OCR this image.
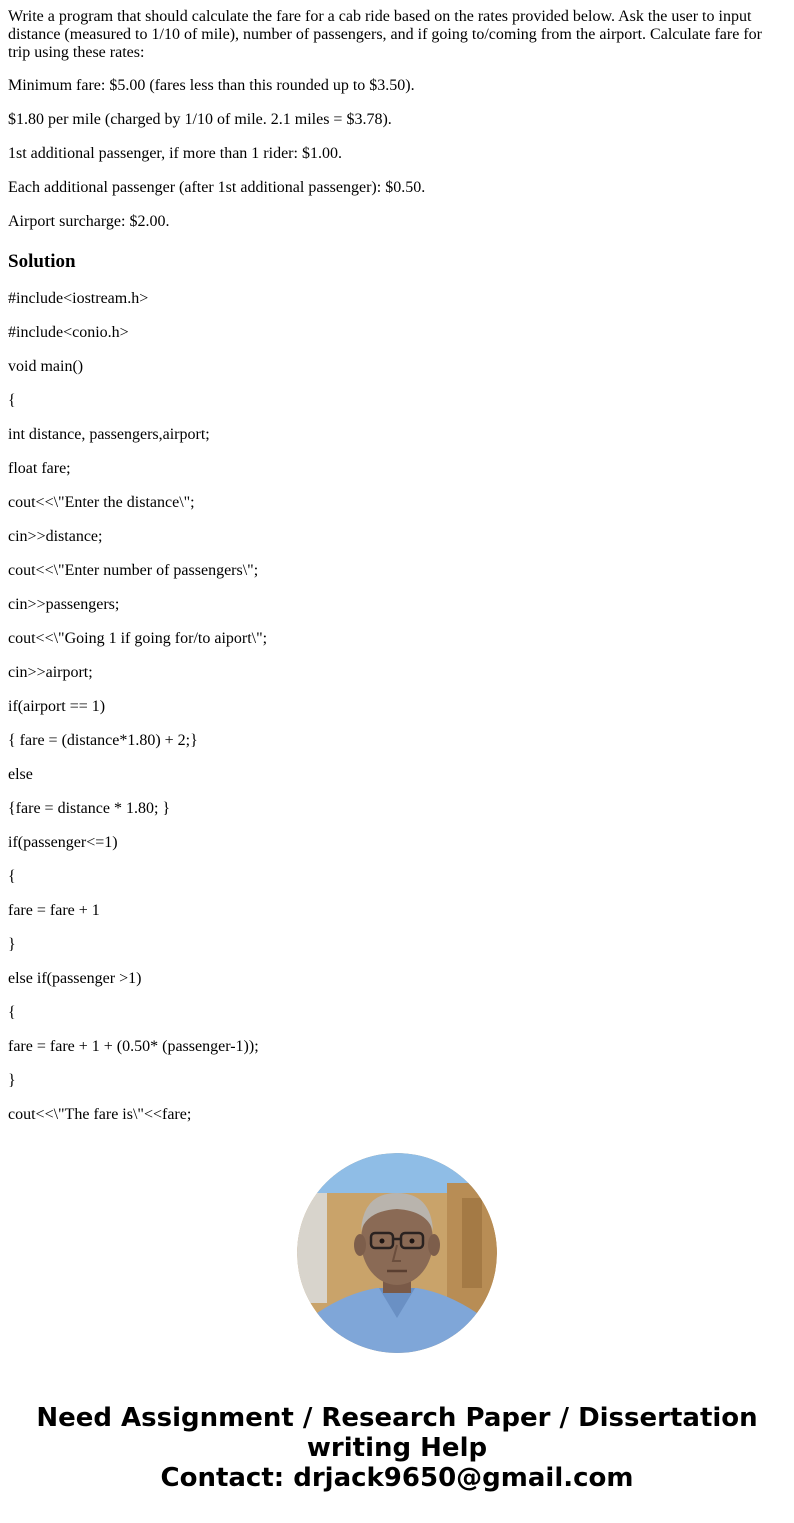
Write a program that should calculate the fare for a cab ride based on the rates provided below. Ask the user to input distance (measured to 1/10 of mile), number of passengers, and if going to/coming from the airport. Calculate fare for trip using these rates:

Minimum fare: $5.00 (fares less than this rounded up to $3.50).

$1.80 per mile (charged by 1/10 of mile. 2.1 miles = $3.78).

1st additional passenger, if more than 1 rider: $1.00.

Each additional passenger (after 1st additional passenger): $0.50.

Airport surcharge: $2.00.

Solution

#include<iostream.h>

#include<conio.h>

void main()

{

int distance, passengers,airport;

float fare;

cout<<\"Enter the distance\";

cin>>distance;

cout<<\"Enter number of passengers\";

cin>>passengers;

cout<<\"Going 1 if going for/to aiport\";

cin>>airport;

if(airport == 1)

{ fare = (distance*1.80) + 2;}

else

{fare = distance * 1.80; }

if(passenger<=1)

{

fare = fare + 1

}

else if(passenger >1)

{

fare = fare + 1 + (0.50* (passenger-1));

}

cout<<\"The fare is\"<<fare;

Need Assignment / Research Paper / Dissertation
writing Help
Contact: drjack9650@gmail.com
